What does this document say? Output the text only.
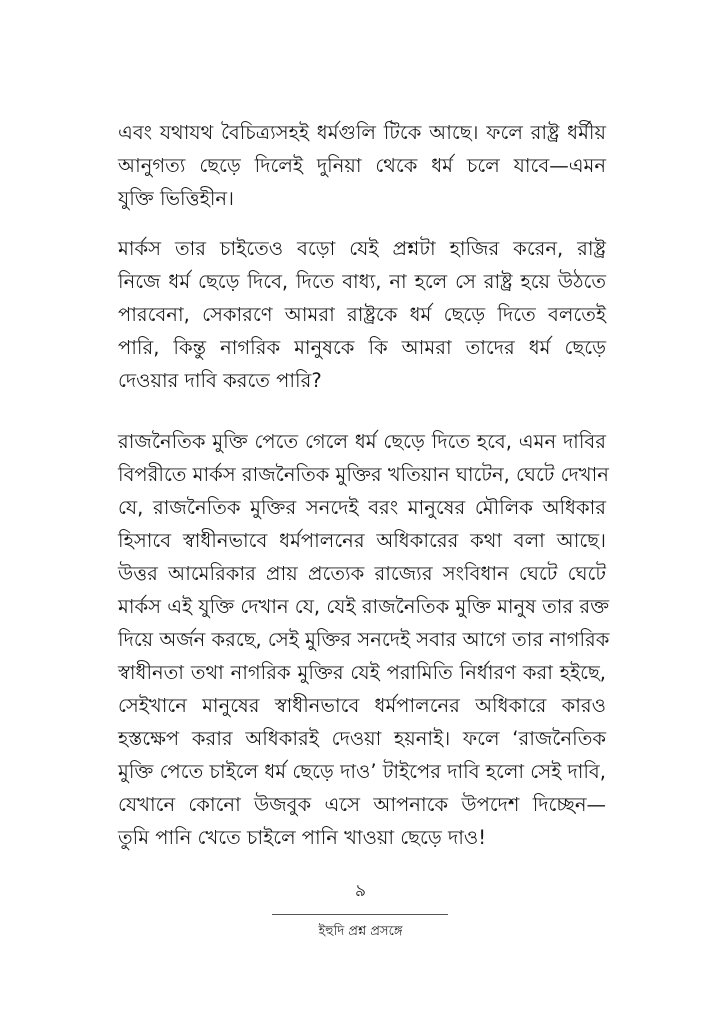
এবং যথাযথ বৈচিত্র্যসহই ধর্মগুলি টিকে আছে। ফলে রাষ্ট্র ধর্মীয়
আনুগত্য ছেড়ে দিলেই দুনিয়া থেকে ধর্ম চলে যাবে—এমন
যুক্তি ভিত্তিহীন।
মার্কস তার চাইতেও বড়ো যেই প্রশ্নটা হাজির করেন, রাষ্ট্র
নিজে ধর্ম ছেড়ে দিবে, দিতে বাধ্য, না হলে সে রাষ্ট্র হয়ে উঠতে
পারবেনা, সেকারণে আমরা রাষ্ট্রকে ধর্ম ছেড়ে দিতে বলতেই
পারি, কিন্তু নাগরিক মানুষকে কি আমরা তাদের ধর্ম ছেড়ে
দেওয়ার দাবি করতে পারি?
রাজনৈতিক মুক্তি পেতে গেলে ধর্ম ছেড়ে দিতে হবে, এমন দাবির
বিপরীতে মার্কস রাজনৈতিক মুক্তির খতিয়ান ঘাটেন, ঘেটে দেখান
যে, রাজনৈতিক মুক্তির সনদেই বরং মানুষের মৌলিক অধিকার
হিসাবে স্বাধীনভাবে ধর্মপালনের অধিকারের কথা বলা আছে।
উত্তর আমেরিকার প্রায় প্রত্যেক রাজ্যের সংবিধান ঘেটে ঘেটে
মার্কস এই যুক্তি দেখান যে, যেই রাজনৈতিক মুক্তি মানুষ তার রক্ত
দিয়ে অর্জন করছে, সেই মুক্তির সনদেই সবার আগে তার নাগরিক
স্বাধীনতা তথা নাগরিক মুক্তির যেই পরামিতি নির্ধারণ করা হইছে,
সেইখানে মানুষের স্বাধীনভাবে ধর্মপালনের অধিকারে কারও
হস্তক্ষেপ করার অধিকারই দেওয়া হয়নাই। ফলে ‘রাজনৈতিক
মুক্তি পেতে চাইলে ধর্ম ছেড়ে দাও’ টাইপের দাবি হলো সেই দাবি,
যেখানে কোনো উজবুক এসে আপনাকে উপদেশ দিচ্ছেন—
তুমি পানি খেতে চাইলে পানি খাওয়া ছেড়ে দাও!
৯
ইহুদি প্রশ্ন প্রসঙ্গে
